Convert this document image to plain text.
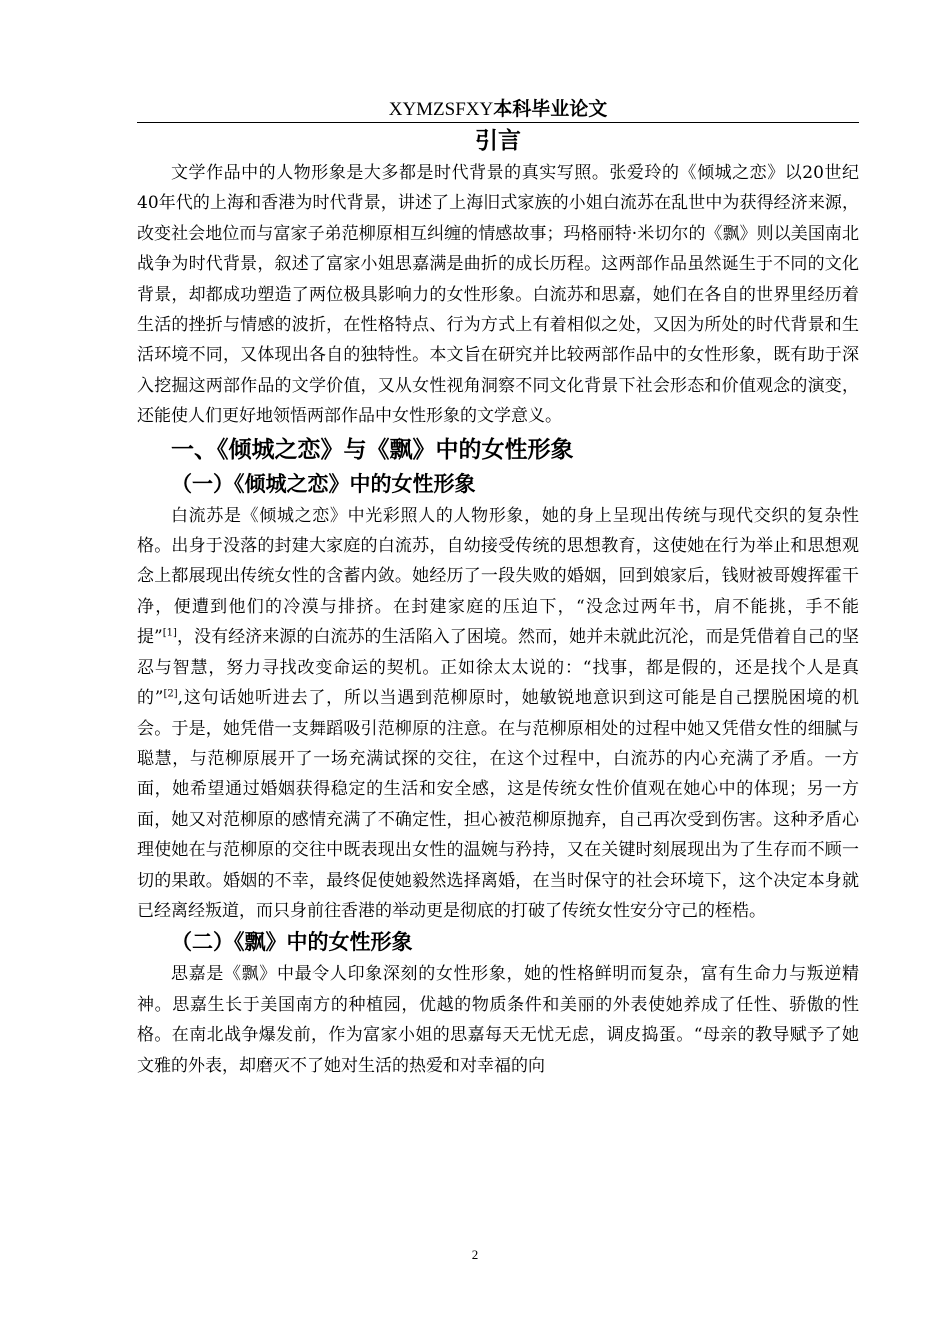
XYMZSFXY本科毕业论文
引言

文学作品中的人物形象是大多都是时代背景的真实写照。张爱玲的《倾城之恋》以20世纪40年代的上海和香港为时代背景，讲述了上海旧式家族的小姐白流苏在乱世中为获得经济来源，改变社会地位而与富家子弟范柳原相互纠缠的情感故事；玛格丽特·米切尔的《飘》则以美国南北战争为时代背景，叙述了富家小姐思嘉满是曲折的成长历程。这两部作品虽然诞生于不同的文化背景，却都成功塑造了两位极具影响力的女性形象。白流苏和思嘉，她们在各自的世界里经历着生活的挫折与情感的波折，在性格特点、行为方式上有着相似之处，又因为所处的时代背景和生活环境不同，又体现出各自的独特性。本文旨在研究并比较两部作品中的女性形象，既有助于深入挖掘这两部作品的文学价值，又从女性视角洞察不同文化背景下社会形态和价值观念的演变，还能使人们更好地领悟两部作品中女性形象的文学意义。

一、《倾城之恋》与《飘》中的女性形象
（一）《倾城之恋》中的女性形象

白流苏是《倾城之恋》中光彩照人的人物形象，她的身上呈现出传统与现代交织的复杂性格。出身于没落的封建大家庭的白流苏，自幼接受传统的思想教育，这使她在行为举止和思想观念上都展现出传统女性的含蓄内敛。她经历了一段失败的婚姻，回到娘家后，钱财被哥嫂挥霍干净，便遭到他们的冷漠与排挤。在封建家庭的压迫下，“没念过两年书，肩不能挑，手不能提”[1]，没有经济来源的白流苏的生活陷入了困境。然而，她并未就此沉沦，而是凭借着自己的坚忍与智慧，努力寻找改变命运的契机。正如徐太太说的：“找事，都是假的，还是找个人是真的”[2],这句话她听进去了，所以当遇到范柳原时，她敏锐地意识到这可能是自己摆脱困境的机会。于是，她凭借一支舞蹈吸引范柳原的注意。在与范柳原相处的过程中她又凭借女性的细腻与聪慧，与范柳原展开了一场充满试探的交往，在这个过程中，白流苏的内心充满了矛盾。一方面，她希望通过婚姻获得稳定的生活和安全感，这是传统女性价值观在她心中的体现；另一方面，她又对范柳原的感情充满了不确定性，担心被范柳原抛弃，自己再次受到伤害。这种矛盾心理使她在与范柳原的交往中既表现出女性的温婉与矜持，又在关键时刻展现出为了生存而不顾一切的果敢。婚姻的不幸，最终促使她毅然选择离婚，在当时保守的社会环境下，这个决定本身就已经离经叛道，而只身前往香港的举动更是彻底的打破了传统女性安分守己的桎梏。

（二）《飘》中的女性形象

思嘉是《飘》中最令人印象深刻的女性形象，她的性格鲜明而复杂，富有生命力与叛逆精神。思嘉生长于美国南方的种植园，优越的物质条件和美丽的外表使她养成了任性、骄傲的性格。在南北战争爆发前，作为富家小姐的思嘉每天无忧无虑，调皮捣蛋。“母亲的教导赋予了她文雅的外表，却磨灭不了她对生活的热爱和对幸福的向

2
